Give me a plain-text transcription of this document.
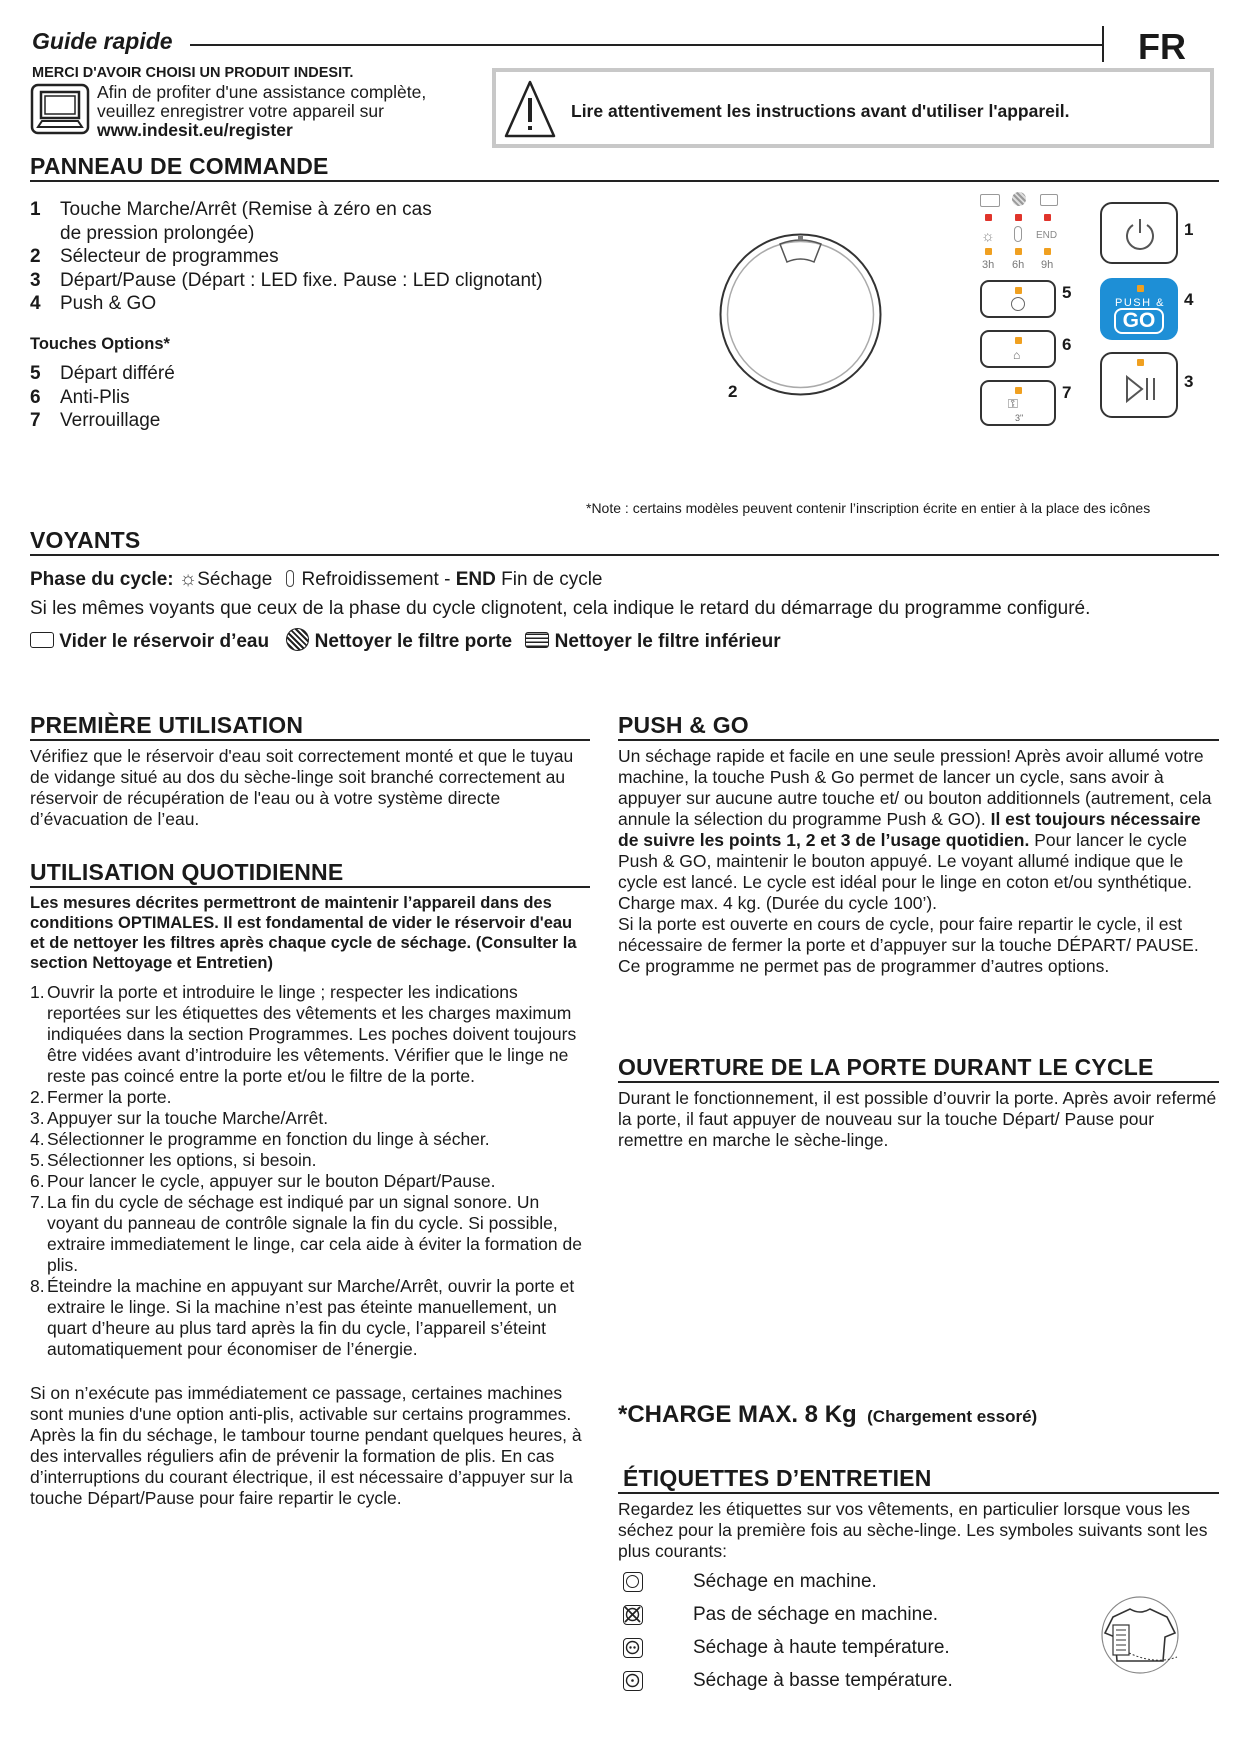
Guide rapide	FR
MERCI D'AVOIR CHOISI UN PRODUIT INDESIT.
Afin de profiter d'une assistance complète,
veuillez enregistrer votre appareil sur
www.indesit.eu/register
Lire attentivement les instructions avant d'utiliser l'appareil.
PANNEAU DE COMMANDE
1	Touche Marche/Arrêt (Remise à zéro en cas
de pression prolongée)
2	Sélecteur de programmes
3	Départ/Pause (Départ : LED fixe. Pause : LED clignotant)
4	Push & GO
Touches Options*
5	Départ différé
6	Anti-Plis
7	Verrouillage
2
☼	END
3h 6h 9h
5
⌂
6
⚿
3"
7
1
PUSH &
GO
4
3
*Note : certains modèles peuvent contenir l’inscription écrite en entier à la place des icônes
VOYANTS
Phase du cycle: ☼Séchage Refroidissement - END Fin de cycle
Si les mêmes voyants que ceux de la phase du cycle clignotent, cela indique le retard du démarrage du programme configuré.
Vider le réservoir d’eau Nettoyer le filtre porte Nettoyer le filtre inférieur
PREMIÈRE UTILISATION
Vérifiez que le réservoir d'eau soit correctement monté et que le tuyau de vidange situé au dos du sèche-linge soit branché correctement au réservoir de récupération de l'eau ou à votre système directe d’évacuation de l’eau.
UTILISATION QUOTIDIENNE
Les mesures décrites permettront de maintenir l’appareil dans des conditions OPTIMALES. Il est fondamental de vider le réservoir d'eau et de nettoyer les filtres après chaque cycle de séchage. (Consulter la section Nettoyage et Entretien)
1. Ouvrir la porte et introduire le linge ; respecter les indications reportées sur les étiquettes des vêtements et les charges maximum indiquées dans la section Programmes. Les poches doivent toujours être vidées avant d’introduire les vêtements. Vérifier que le linge ne reste pas coincé entre la porte et/ou le filtre de la porte.
2. Fermer la porte.
3. Appuyer sur la touche Marche/Arrêt.
4. Sélectionner le programme en fonction du linge à sécher.
5. Sélectionner les options, si besoin.
6. Pour lancer le cycle, appuyer sur le bouton Départ/Pause.
7. La fin du cycle de séchage est indiqué par un signal sonore. Un voyant du panneau de contrôle signale la fin du cycle. Si possible, extraire immediatement le linge, car cela aide à éviter la formation de plis.
8. Éteindre la machine en appuyant sur Marche/Arrêt, ouvrir la porte et extraire le linge. Si la machine n’est pas éteinte manuellement, un quart d’heure au plus tard après la fin du cycle, l’appareil s’éteint automatiquement pour économiser de l’énergie.
Si on n’exécute pas immédiatement ce passage, certaines machines sont munies d'une option anti-plis, activable sur certains programmes. Après la fin du séchage, le tambour tourne pendant quelques heures, à des intervalles réguliers afin de prévenir la formation de plis. En cas d’interruptions du courant électrique, il est nécessaire d’appuyer sur la touche Départ/Pause pour faire repartir le cycle.
PUSH & GO
Un séchage rapide et facile en une seule pression! Après avoir allumé votre machine, la touche Push & Go permet de lancer un cycle, sans avoir à appuyer sur aucune autre touche et/ ou bouton additionnels (autrement, cela annule la sélection du programme Push & GO). Il est toujours nécessaire de suivre les points 1, 2 et 3 de l’usage quotidien. Pour lancer le cycle Push & GO, maintenir le bouton appuyé. Le voyant allumé indique que le cycle est lancé. Le cycle est idéal pour le linge en coton et/ou synthétique. Charge max. 4 kg. (Durée du cycle 100’).
Si la porte est ouverte en cours de cycle, pour faire repartir le cycle, il est nécessaire de fermer la porte et d’appuyer sur la touche DÉPART/ PAUSE. Ce programme ne permet pas de programmer d’autres options.
OUVERTURE DE LA PORTE DURANT LE CYCLE
Durant le fonctionnement, il est possible d’ouvrir la porte. Après avoir refermé la porte, il faut appuyer de nouveau sur la touche Départ/ Pause pour remettre en marche le sèche-linge.
*CHARGE MAX. 8 Kg (Chargement essoré)
ÉTIQUETTES D’ENTRETIEN
Regardez les étiquettes sur vos vêtements, en particulier lorsque vous les séchez pour la première fois au sèche-linge. Les symboles suivants sont les plus courants:
Séchage en machine.
Pas de séchage en machine.
Séchage à haute température.
Séchage à basse température.
